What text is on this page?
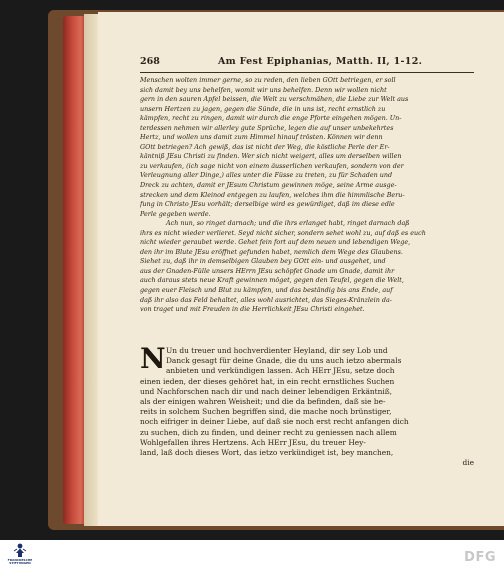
268	Am Fest Epiphanias, Matth. II, 1-12.
Menschen wolten immer gerne, so zu reden, den lieben GOtt betriegen, er soll
sich damit bey uns behelfen, womit wir uns behelfen. Denn wir wollen nicht
gern in den sauren Apfel beissen, die Welt zu verschmähen, die Liebe zur Welt aus
unsern Hertzen zu jagen, gegen die Sünde, die in uns ist, recht ernstlich zu
kämpfen, recht zu ringen, damit wir durch die enge Pforte eingehen mögen. Un-
terdessen nehmen wir allerley gute Sprüche, legen die auf unser unbekehrtes
Hertz, und wollen uns damit zum Himmel hinauf trösten. Können wir denn
GOtt betriegen? Ach gewiß, das ist nicht der Weg, die köstliche Perle der Er-
käntniß JEsu Christi zu finden. Wer sich nicht weigert, alles um derselben willen
zu verkaufen, (ich sage nicht von einem äusserlichen verkaufen, sondern von der
Verleugnung aller Dinge,) alles unter die Füsse zu treten, zu für Schaden und
Dreck zu achten, damit er JEsum Christum gewinnen möge, seine Arme ausge-
strecken und dem Kleinod entgegen zu laufen, welches ihm die himmlische Beru-
fung in Christo JEsu vorhält; derselbige wird es gewürdiget, daß im diese edle
Perle gegeben werde.
Ach nun, so ringet darnach; und die ihrs erlanget habt, ringet darnach daß
ihrs es nicht wieder verlieret. Seyd nicht sicher, sondern sehet wohl zu, auf daß es euch
nicht wieder geraubet werde. Gehet fein fort auf dem neuen und lebendigen Wege,
den ihr im Blute JEsu eröffnet gefunden habet, nemlich dem Wege des Glaubens.
Siehet zu, daß ihr in demselbigen Glauben bey GOtt ein- und ausgehet, und
aus der Gnaden-Fülle unsers HErrn JEsu schöpfet Gnade um Gnade, damit ihr
auch daraus stets neue Kraft gewinnen möget, gegen den Teufel, gegen die Welt,
gegen euer Fleisch und Blut zu kämpfen, und das beständig bis ans Ende, auf
daß ihr also das Feld behaltet, alles wohl ausrichtet, das Sieges-Kränzlein da-
von traget und mit Freuden in die Herrlichkeit JEsu Christi eingehet.
N Un du treuer und hochverdienter Heyland, dir sey Lob und
Danck gesagt für deine Gnade, die du uns auch ietzo abermals
anbieten und verkündigen lassen. Ach HErr JEsu, setze doch
einen ieden, der dieses gehöret hat, in ein recht ernstliches Suchen
und Nachforschen nach dir und nach deiner lebendigen Erkäntniß,
als der einigen wahren Weisheit; und die da befinden, daß sie be-
reits in solchem Suchen begriffen sind, die mache noch brünstiger,
noch eifriger in deiner Liebe, auf daß sie noch erst recht anfangen dich
zu suchen, dich zu finden, und deiner recht zu geniessen nach allem
Wohlgefallen ihres Hertzens. Ach HErr JEsu, du treuer Hey-
land, laß doch dieses Wort, das ietzo verkündiget ist, bey manchen,
die
FRANCKESCHE STIFTUNGEN	DFG
